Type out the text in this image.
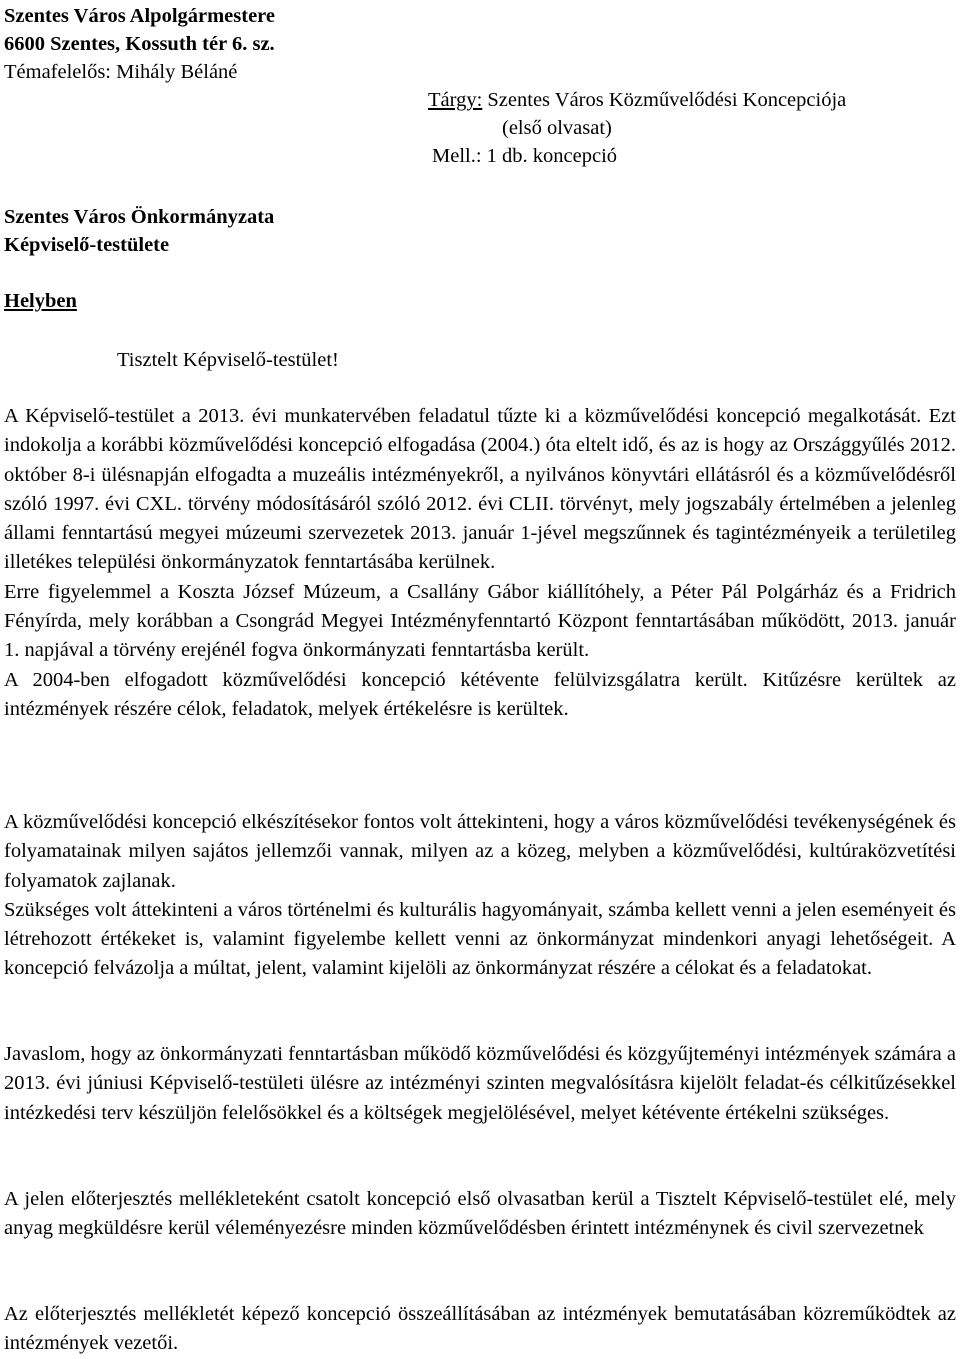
Szentes Város Alpolgármestere
6600 Szentes, Kossuth tér 6. sz.
Témafelelős: Mihály Béláné
Tárgy: Szentes Város Közművelődési Koncepciója
(első olvasat)
Mell.: 1 db. koncepció
Szentes Város Önkormányzata
Képviselő-testülete
Helyben
Tisztelt Képviselő-testület!

A Képviselő-testület a 2013. évi munkatervében feladatul tűzte ki a közművelődési koncepció megalkotását. Ezt indokolja a korábbi közművelődési koncepció elfogadása (2004.) óta eltelt idő, és az is hogy az Országgyűlés 2012. október 8-i ülésnapján elfogadta a muzeális intézményekről, a nyilvános könyvtári ellátásról és a közművelődésről szóló 1997. évi CXL. törvény módosításáról szóló 2012. évi CLII. törvényt, mely jogszabály értelmében a jelenleg állami fenntartású megyei múzeumi szervezetek 2013. január 1-jével megszűnnek és tagintézményeik a területileg illetékes települési önkormányzatok fenntartásába kerülnek.

Erre figyelemmel a Koszta József Múzeum, a Csallány Gábor kiállítóhely, a Péter Pál Polgárház és a Fridrich Fényírda, mely korábban a Csongrád Megyei Intézményfenntartó Központ fenntartásában működött, 2013. január 1. napjával a törvény erejénél fogva önkormányzati fenntartásba került.

A 2004-ben elfogadott közművelődési koncepció kétévente felülvizsgálatra került. Kitűzésre kerültek az intézmények részére célok, feladatok, melyek értékelésre is kerültek.

A közművelődési koncepció elkészítésekor fontos volt áttekinteni, hogy a város közművelődési tevékenységének és folyamatainak milyen sajátos jellemzői vannak, milyen az a közeg, melyben a közművelődési, kultúraközvetítési folyamatok zajlanak.

Szükséges volt áttekinteni a város történelmi és kulturális hagyományait, számba kellett venni a jelen eseményeit és létrehozott értékeket is, valamint figyelembe kellett venni az önkormányzat mindenkori anyagi lehetőségeit. A koncepció felvázolja a múltat, jelent, valamint kijelöli az önkormányzat részére a célokat és a feladatokat.

Javaslom, hogy az önkormányzati fenntartásban működő közművelődési és közgyűjteményi intézmények számára a 2013. évi júniusi Képviselő-testületi ülésre az intézményi szinten megvalósításra kijelölt feladat-és célkitűzésekkel intézkedési terv készüljön felelősökkel és a költségek megjelölésével, melyet kétévente értékelni szükséges.

A jelen előterjesztés mellékleteként csatolt koncepció első olvasatban kerül a Tisztelt Képviselő-testület elé, mely anyag megküldésre kerül véleményezésre minden közművelődésben érintett intézménynek és civil szervezetnek

Az előterjesztés mellékletét képező koncepció összeállításában az intézmények bemutatásában közreműködtek az intézmények vezetői.
